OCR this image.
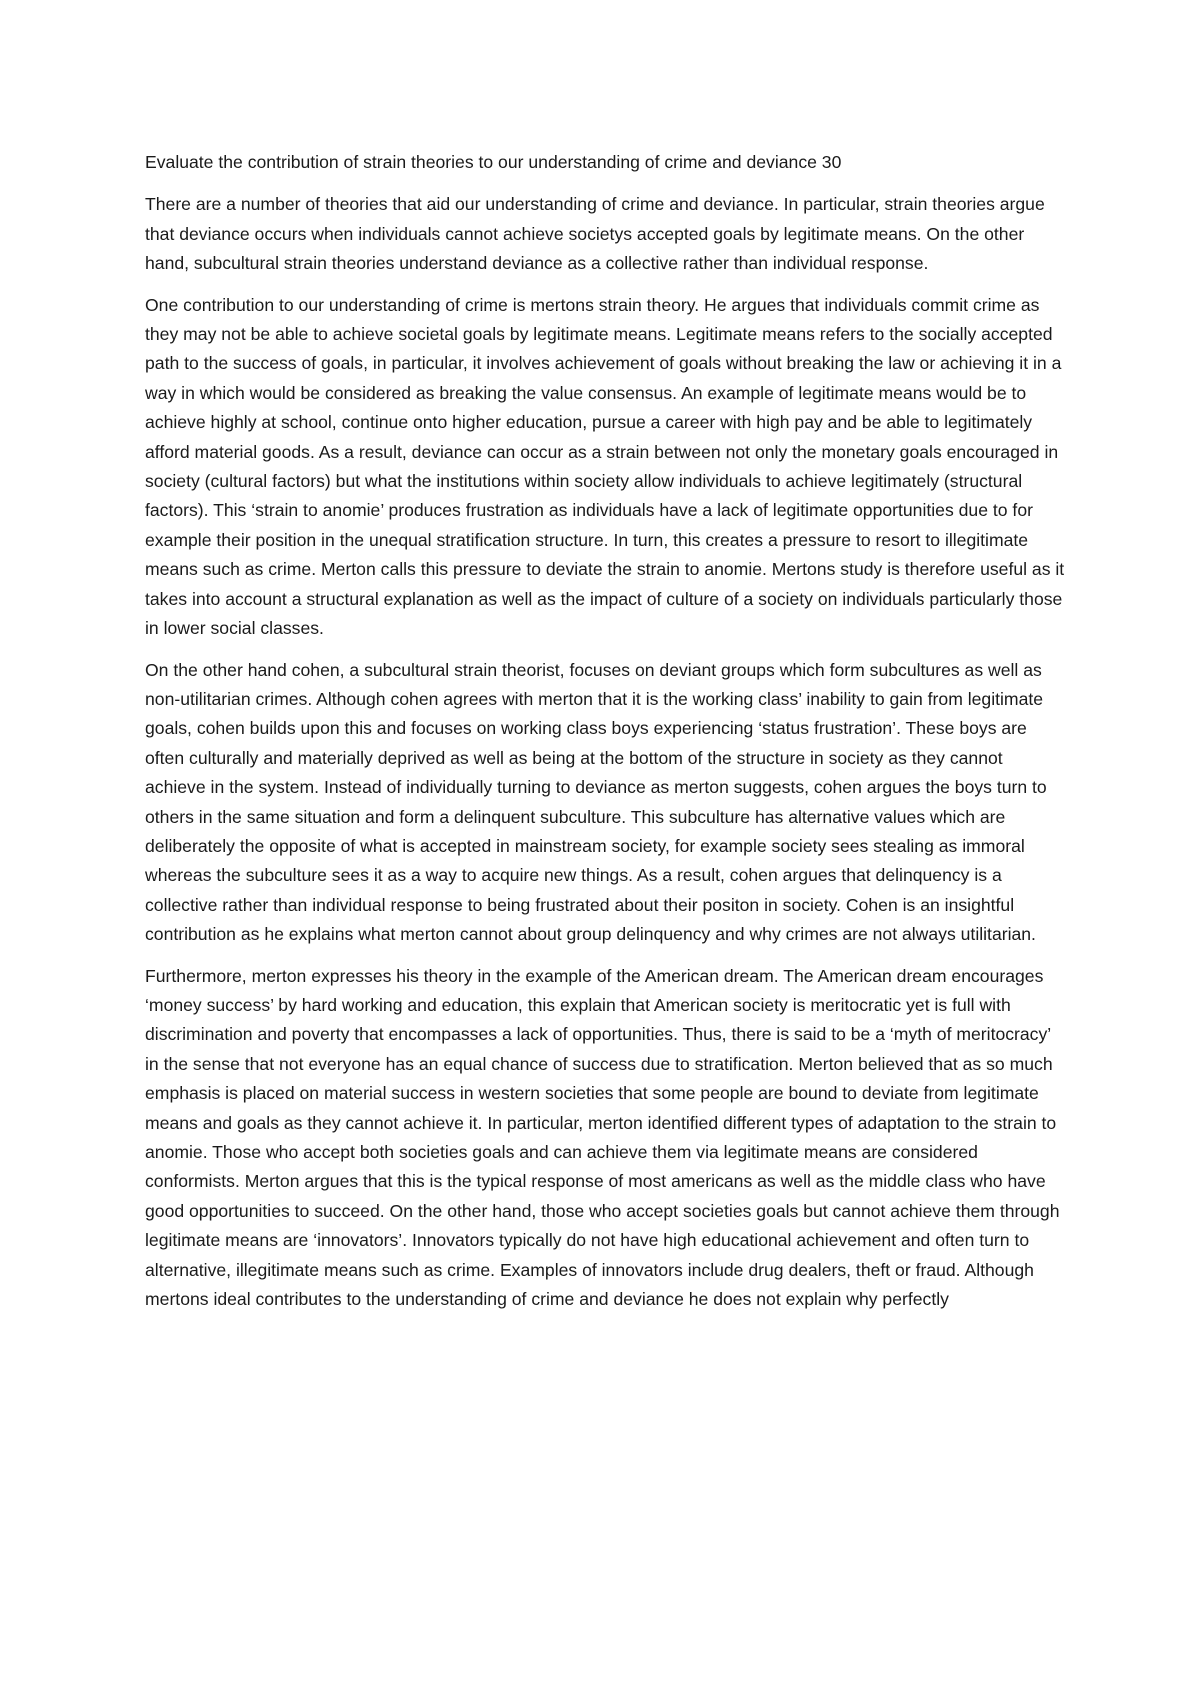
Evaluate the contribution of strain theories to our understanding of crime and deviance 30

There are a number of theories that aid our understanding of crime and deviance. In particular, strain theories argue that deviance occurs when individuals cannot achieve societys accepted goals by legitimate means. On the other hand, subcultural strain theories understand deviance as a collective rather than individual response.

One contribution to our understanding of crime is mertons strain theory. He argues that individuals commit crime as they may not be able to achieve societal goals by legitimate means. Legitimate means refers to the socially accepted path to the success of goals, in particular, it involves achievement of goals without breaking the law or achieving it in a way in which would be considered as breaking the value consensus. An example of legitimate means would be to achieve highly at school, continue onto higher education, pursue a career with high pay and be able to legitimately afford material goods. As a result, deviance can occur as a strain between not only the monetary goals encouraged in society (cultural factors) but what the institutions within society allow individuals to achieve legitimately (structural factors). This ‘strain to anomie’ produces frustration as individuals have a lack of legitimate opportunities due to for example their position in the unequal stratification structure. In turn, this creates a pressure to resort to illegitimate means such as crime. Merton calls this pressure to deviate the strain to anomie. Mertons study is therefore useful as it takes into account a structural explanation as well as the impact of culture of a society on individuals particularly those in lower social classes.

On the other hand cohen, a subcultural strain theorist, focuses on deviant groups which form subcultures as well as non-utilitarian crimes. Although cohen agrees with merton that it is the working class’ inability to gain from legitimate goals, cohen builds upon this and focuses on working class boys experiencing ‘status frustration’. These boys are often culturally and materially deprived as well as being at the bottom of the structure in society as they cannot achieve in the system. Instead of individually turning to deviance as merton suggests, cohen argues the boys turn to others in the same situation and form a delinquent subculture. This subculture has alternative values which are deliberately the opposite of what is accepted in mainstream society, for example society sees stealing as immoral whereas the subculture sees it as a way to acquire new things. As a result, cohen argues that delinquency is a collective rather than individual response to being frustrated about their positon in society. Cohen is an insightful contribution as he explains what merton cannot about group delinquency and why crimes are not always utilitarian.

Furthermore, merton expresses his theory in the example of the American dream. The American dream encourages ‘money success’ by hard working and education, this explain that American society is meritocratic yet is full with discrimination and poverty that encompasses a lack of opportunities. Thus, there is said to be a ‘myth of meritocracy’ in the sense that not everyone has an equal chance of success due to stratification. Merton believed that as so much emphasis is placed on material success in western societies that some people are bound to deviate from legitimate means and goals as they cannot achieve it. In particular, merton identified different types of adaptation to the strain to anomie. Those who accept both societies goals and can achieve them via legitimate means are considered conformists. Merton argues that this is the typical response of most americans as well as the middle class who have good opportunities to succeed. On the other hand, those who accept societies goals but cannot achieve them through legitimate means are ‘innovators’. Innovators typically do not have high educational achievement and often turn to alternative, illegitimate means such as crime. Examples of innovators include drug dealers, theft or fraud. Although mertons ideal contributes to the understanding of crime and deviance he does not explain why perfectly
